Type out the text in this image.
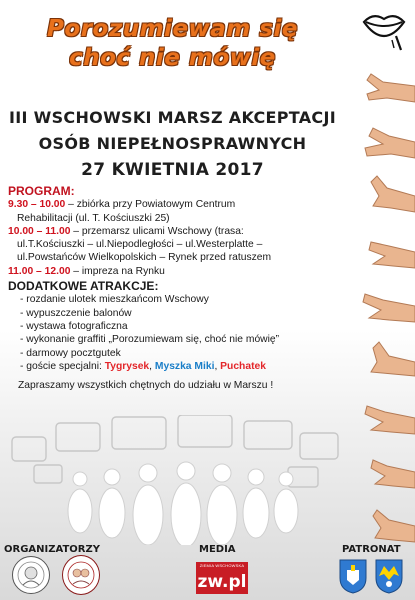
Porozumiewam się
choć nie mówię
III WSCHOWSKI MARSZ AKCEPTACJI
OSÓB NIEPEŁNOSPRAWNYCH
27 KWIETNIA 2017
PROGRAM:
9.30 – 10.00 – zbiórka przy Powiatowym Centrum
Rehabilitacji (ul. T. Kościuszki 25)
10.00 – 11.00 – przemarsz ulicami Wschowy (trasa:
ul.T.Kościuszki – ul.Niepodległości – ul.Westerplatte –
ul.Powstańców Wielkopolskich – Rynek przed ratuszem
11.00 – 12.00 – impreza na Rynku
DODATKOWE ATRAKCJE:
- rozdanie ulotek mieszkańcom Wschowy
- wypuszczenie balonów
- wystawa fotograficzna
- wykonanie graffiti „Porozumiewam się, choć nie mówię”
- darmowy pocztgutek
- goście specjalni: Tygrysek, Myszka Miki, Puchatek
Zapraszamy wszystkich chętnych do udziału w Marszu !
ORGANIZATORZY	MEDIA	PATRONAT
ZIEMIA WSCHOWSKA
zw.pl
